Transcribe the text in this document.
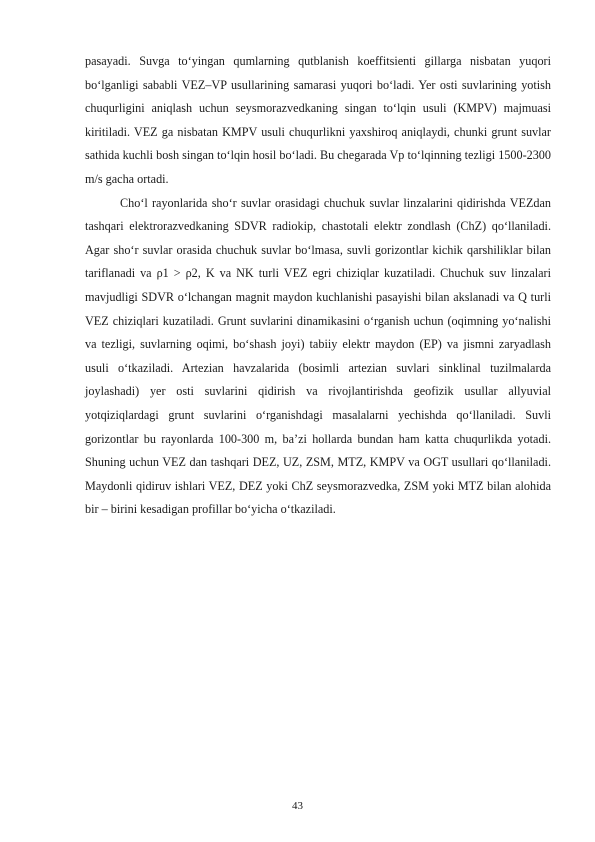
pasayadi. Suvga to‘yingan qumlarning qutblanish koeffitsienti gillarga nisbatan yuqori bo‘lganligi sababli VEZ–VP usullarining samarasi yuqori bo‘ladi. Yer osti suvlarining yotish chuqurligini aniqlash uchun seysmorazvedkaning singan to‘lqin usuli (KMPV) majmuasi kiritiladi. VEZ ga nisbatan KMPV usuli chuqurlikni yaxshiroq aniqlaydi, chunki grunt suvlar sathida kuchli bosh singan to‘lqin hosil bo‘ladi. Bu chegarada Vp to‘lqinning tezligi 1500-2300 m/s gacha ortadi.

Cho‘l rayonlarida sho‘r suvlar orasidagi chuchuk suvlar linzalarini qidirishda VEZdan tashqari elektrorazvedkaning SDVR radiokip, chastotali elektr zondlash (ChZ) qo‘llaniladi. Agar sho‘r suvlar orasida chuchuk suvlar bo‘lmasa, suvli gorizontlar kichik qarshiliklar bilan tariflanadi va ρ1 > ρ2, K va NK turli VEZ egri chiziqlar kuzatiladi. Chuchuk suv linzalari mavjudligi SDVR o‘lchangan magnit maydon kuchlanishi pasayishi bilan akslanadi va Q turli VEZ chiziqlari kuzatiladi. Grunt suvlarini dinamikasini o‘rganish uchun (oqimning yo‘nalishi va tezligi, suvlarning oqimi, bo‘shash joyi) tabiiy elektr maydon (EP) va jismni zaryadlash usuli o‘tkaziladi. Artezian havzalarida (bosimli artezian suvlari sinklinal tuzilmalarda joylashadi) yer osti suvlarini qidirish va rivojlantirishda geofizik usullar allyuvial yotqiziqlardagi grunt suvlarini o‘rganishdagi masalalarni yechishda qo‘llaniladi. Suvli gorizontlar bu rayonlarda 100-300 m, ba’zi hollarda bundan ham katta chuqurlikda yotadi. Shuning uchun VEZ dan tashqari DEZ, UZ, ZSM, MTZ, KMPV va OGT usullari qo‘llaniladi. Maydonli qidiruv ishlari VEZ, DEZ yoki ChZ seysmorazvedka, ZSM yoki MTZ bilan alohida bir – birini kesadigan profillar bo‘yicha o‘tkaziladi.

43
